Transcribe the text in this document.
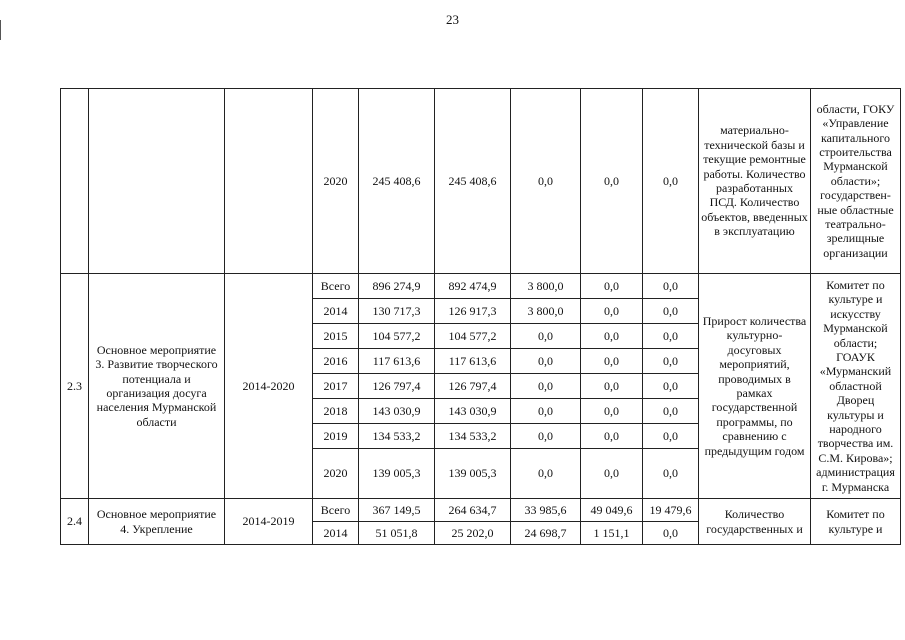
23
			2020	245 408,6	245 408,6	0,0	0,0	0,0	материально-технической базы и текущие ремонтные работы. Количество разработанных ПСД. Количество объектов, введенных в эксплуатацию	области, ГОКУ «Управление капитального строительства Мурманской области»; государствен-ные областные театрально-зрелищные организации
2.3	Основное мероприятие 3. Развитие творческого потенциала и организация досуга населения Мурманской области	2014-2020	Всего	896 274,9	892 474,9	3 800,0	0,0	0,0	Прирост количества культурно-досуговых мероприятий, проводимых в рамках государственной программы, по сравнению с предыдущим годом	Комитет по культуре и искусству Мурманской области; ГОАУК «Мурманский областной Дворец культуры и народного творчества им. С.М. Кирова»; администрация г. Мурманска
			2014	130 717,3	126 917,3	3 800,0	0,0	0,0		
			2015	104 577,2	104 577,2	0,0	0,0	0,0		
			2016	117 613,6	117 613,6	0,0	0,0	0,0		
			2017	126 797,4	126 797,4	0,0	0,0	0,0		
			2018	143 030,9	143 030,9	0,0	0,0	0,0		
			2019	134 533,2	134 533,2	0,0	0,0	0,0		
			2020	139 005,3	139 005,3	0,0	0,0	0,0		
2.4	Основное мероприятие 4. Укрепление	2014-2019	Всего	367 149,5	264 634,7	33 985,6	49 049,6	19 479,6	Количество государственных и	Комитет по культуре и
			2014	51 051,8	25 202,0	24 698,7	1 151,1	0,0		
